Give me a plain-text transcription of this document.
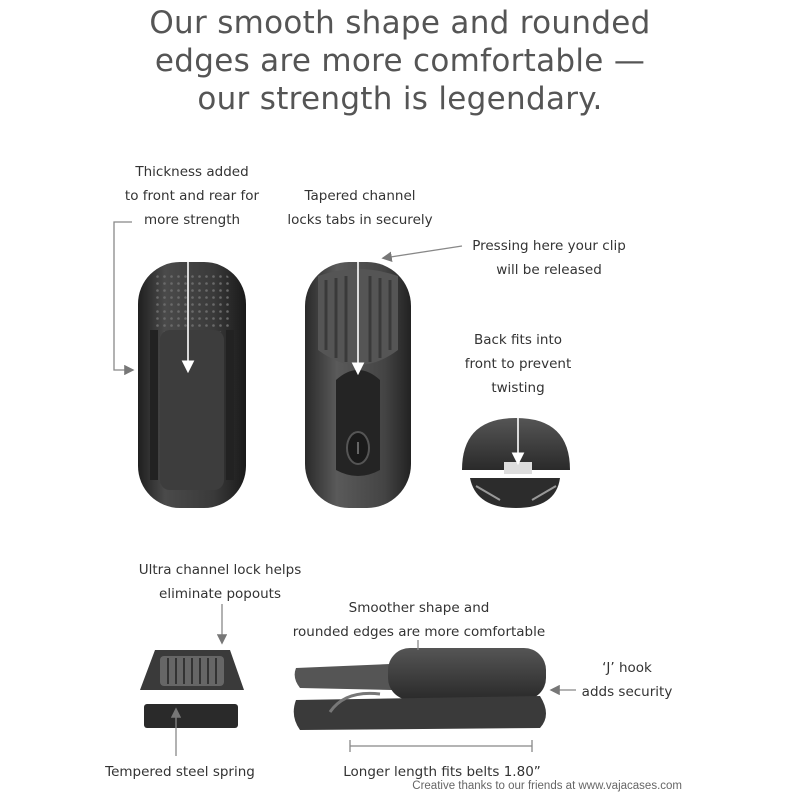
Our smooth shape and rounded
edges are more comfortable —
our strength is legendary.
Thickness added
to front and rear for
more strength
Tapered channel
locks tabs in securely
Pressing here your clip
will be released
Back fits into
front to prevent
twisting
Ultra channel lock helps
eliminate popouts
Smoother shape and
rounded edges are more comfortable
‘J’ hook
adds security
Tempered steel spring	Longer length fits belts 1.80”
Creative thanks to our friends at www.vajacases.com
